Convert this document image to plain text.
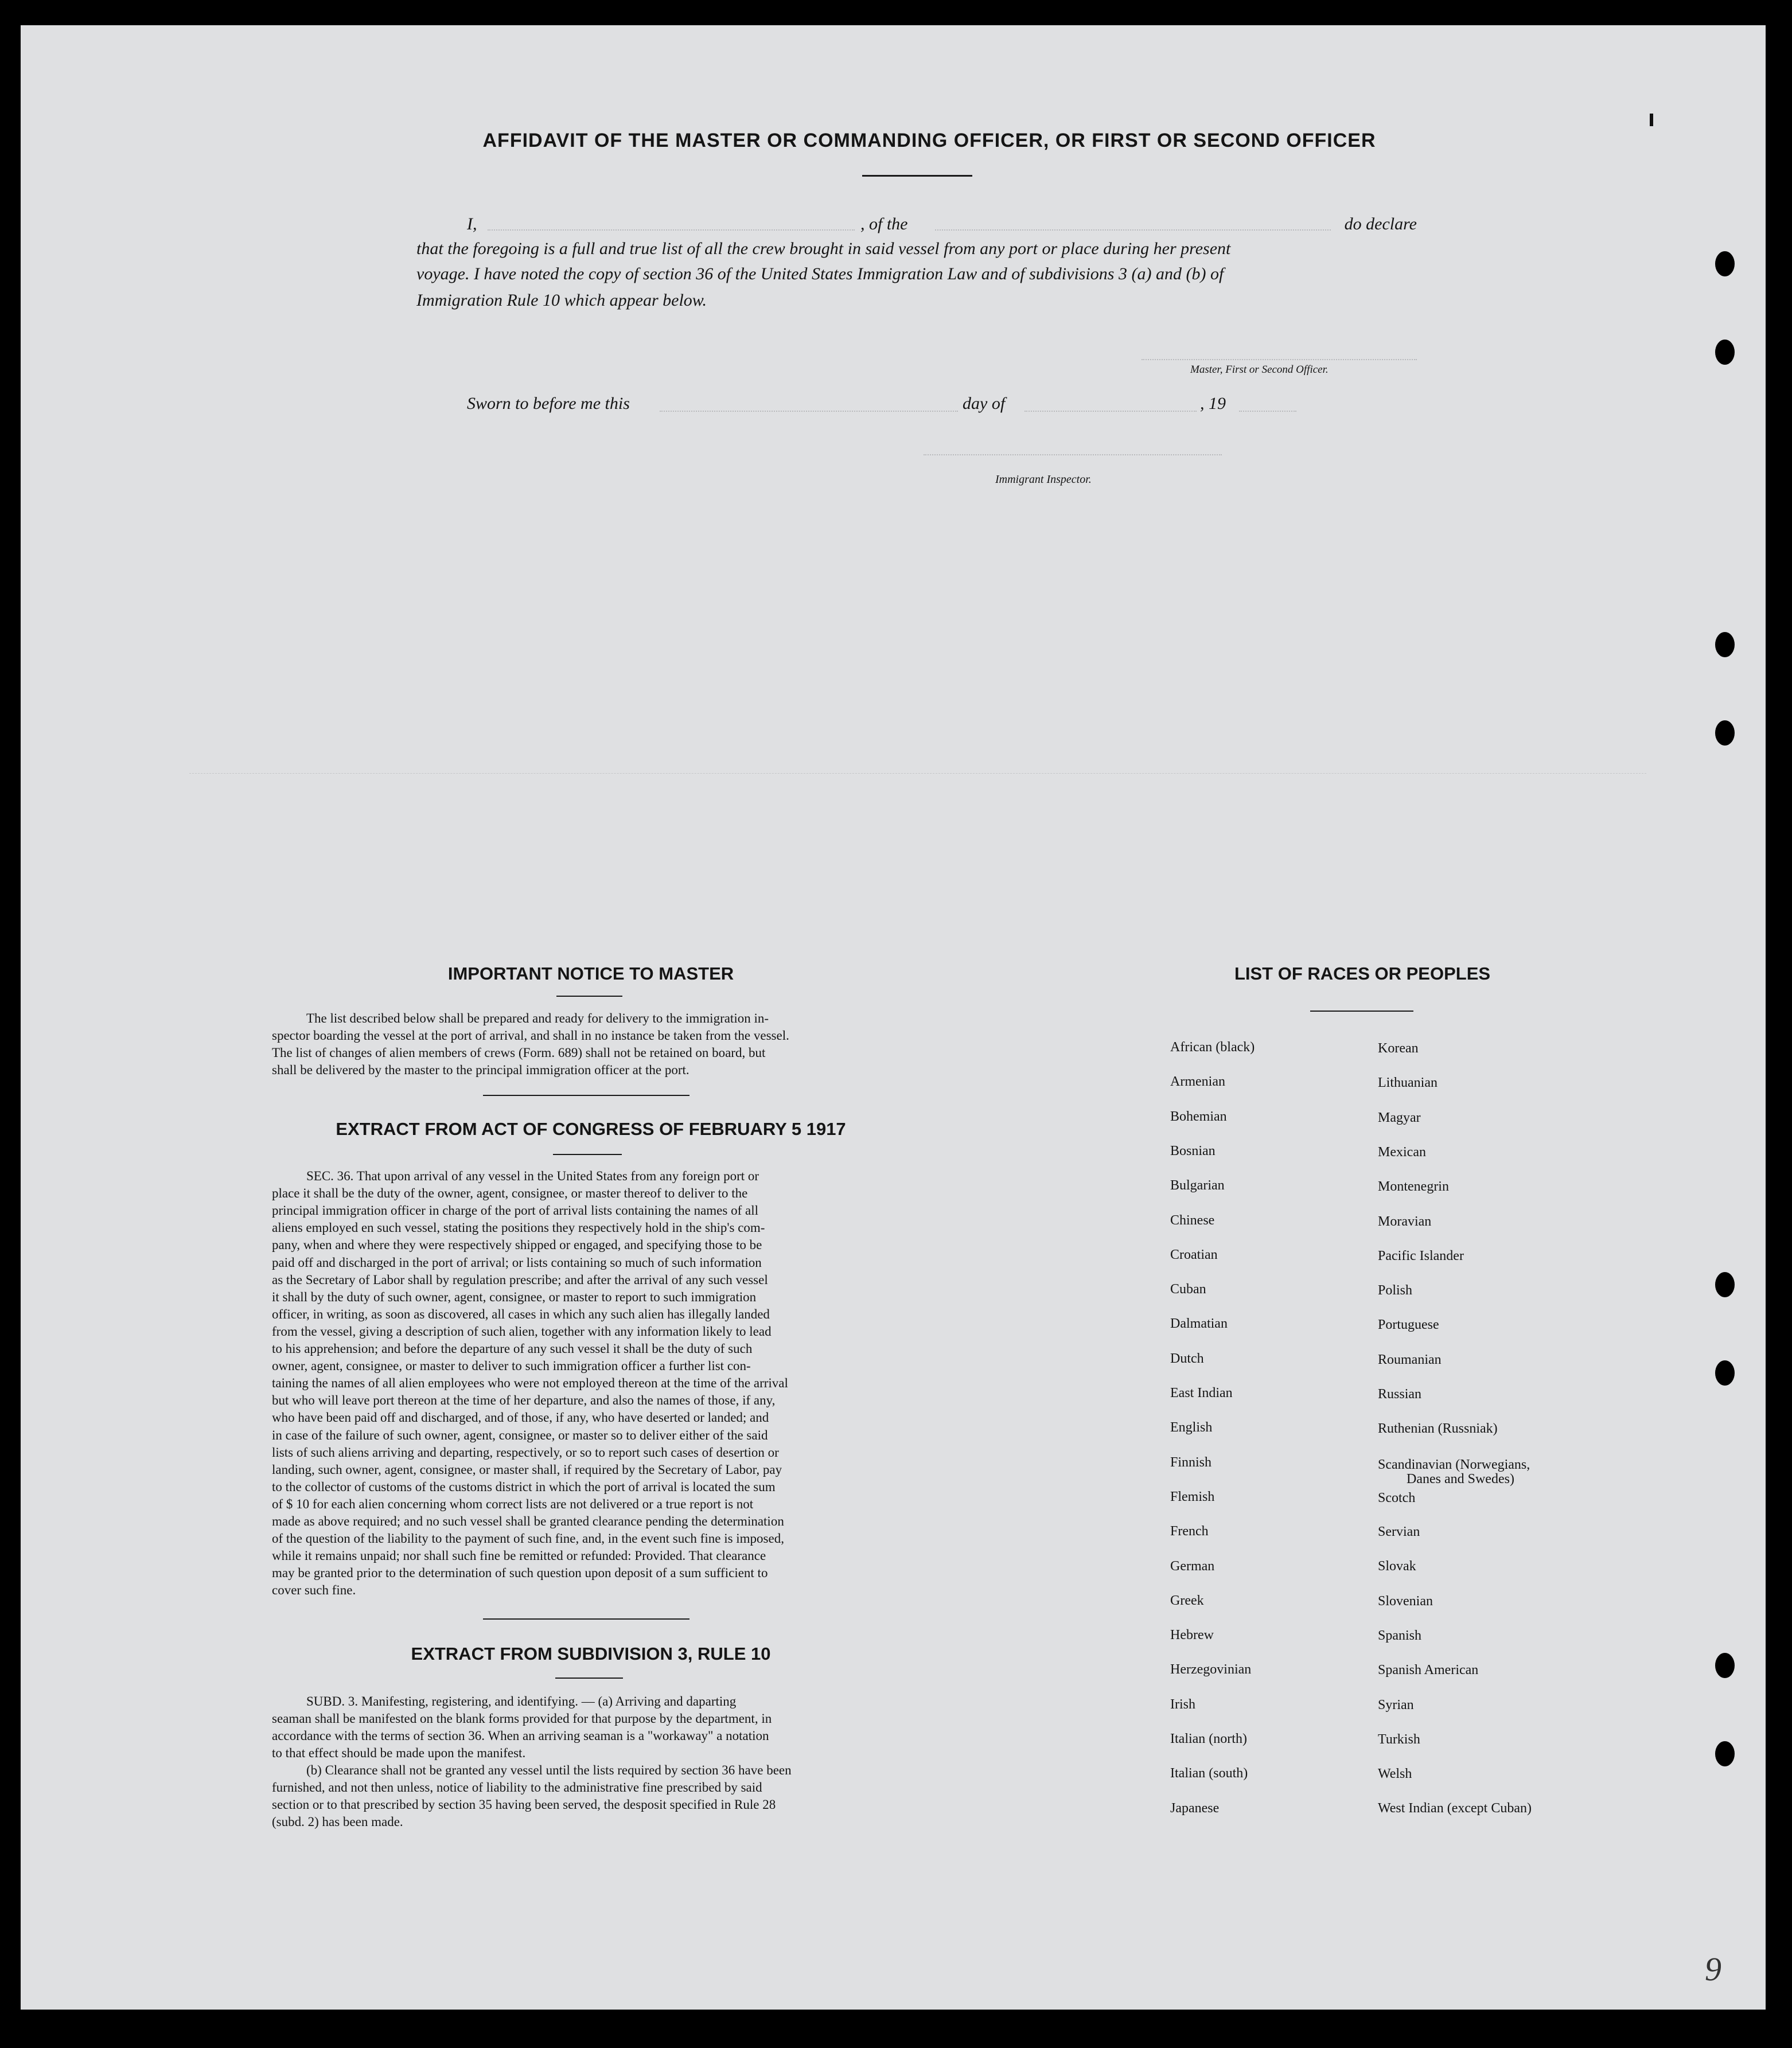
AFFIDAVIT OF THE MASTER OR COMMANDING OFFICER, OR FIRST OR SECOND OFFICER
I,	, of the	do declare
that the foregoing is a full and true list of all the crew brought in said vessel from any port or place during her present
voyage. I have noted the copy of section 36 of the United States Immigration Law and of subdivisions 3 (a) and (b) of
Immigration Rule 10 which appear below.
Master, First or Second Officer.
Sworn to before me this	day of	, 19
Immigrant Inspector.
IMPORTANT NOTICE TO MASTER
The list described below shall be prepared and ready for delivery to the immigration in-
spector boarding the vessel at the port of arrival, and shall in no instance be taken from the vessel.
The list of changes of alien members of crews (Form. 689) shall not be retained on board, but
shall be delivered by the master to the principal immigration officer at the port.
EXTRACT FROM ACT OF CONGRESS OF FEBRUARY 5 1917
SEC. 36. That upon arrival of any vessel in the United States from any foreign port or
place it shall be the duty of the owner, agent, consignee, or master thereof to deliver to the
principal immigration officer in charge of the port of arrival lists containing the names of all
aliens employed en such vessel, stating the positions they respectively hold in the ship's com-
pany, when and where they were respectively shipped or engaged, and specifying those to be
paid off and discharged in the port of arrival; or lists containing so much of such information
as the Secretary of Labor shall by regulation prescribe; and after the arrival of any such vessel
it shall by the duty of such owner, agent, consignee, or master to report to such immigration
officer, in writing, as soon as discovered, all cases in which any such alien has illegally landed
from the vessel, giving a description of such alien, together with any information likely to lead
to his apprehension; and before the departure of any such vessel it shall be the duty of such
owner, agent, consignee, or master to deliver to such immigration officer a further list con-
taining the names of all alien employees who were not employed thereon at the time of the arrival
but who will leave port thereon at the time of her departure, and also the names of those, if any,
who have been paid off and discharged, and of those, if any, who have deserted or landed; and
in case of the failure of such owner, agent, consignee, or master so to deliver either of the said
lists of such aliens arriving and departing, respectively, or so to report such cases of desertion or
landing, such owner, agent, consignee, or master shall, if required by the Secretary of Labor, pay
to the collector of customs of the customs district in which the port of arrival is located the sum
of $ 10 for each alien concerning whom correct lists are not delivered or a true report is not
made as above required; and no such vessel shall be granted clearance pending the determination
of the question of the liability to the payment of such fine, and, in the event such fine is imposed,
while it remains unpaid; nor shall such fine be remitted or refunded: Provided. That clearance
may be granted prior to the determination of such question upon deposit of a sum sufficient to
cover such fine.
EXTRACT FROM SUBDIVISION 3, RULE 10
SUBD. 3. Manifesting, registering, and identifying. — (a) Arriving and daparting
seaman shall be manifested on the blank forms provided for that purpose by the department, in
accordance with the terms of section 36. When an arriving seaman is a "workaway" a notation
to that effect should be made upon the manifest.
(b) Clearance shall not be granted any vessel until the lists required by section 36 have been
furnished, and not then unless, notice of liability to the administrative fine prescribed by said
section or to that prescribed by section 35 having been served, the desposit specified in Rule 28
(subd. 2) has been made.
LIST OF RACES OR PEOPLES
African (black)
Armenian
Bohemian
Bosnian
Bulgarian
Chinese
Croatian
Cuban
Dalmatian
Dutch
East Indian
English
Finnish
Flemish
French
German
Greek
Hebrew
Herzegovinian
Irish
Italian (north)
Italian (south)
Japanese
Korean
Lithuanian
Magyar
Mexican
Montenegrin
Moravian
Pacific Islander
Polish
Portuguese
Roumanian
Russian
Ruthenian (Russniak)
Scandinavian (Norwegians,
Danes and Swedes)
Scotch
Servian
Slovak
Slovenian
Spanish
Spanish American
Syrian
Turkish
Welsh
West Indian (except Cuban)
9
